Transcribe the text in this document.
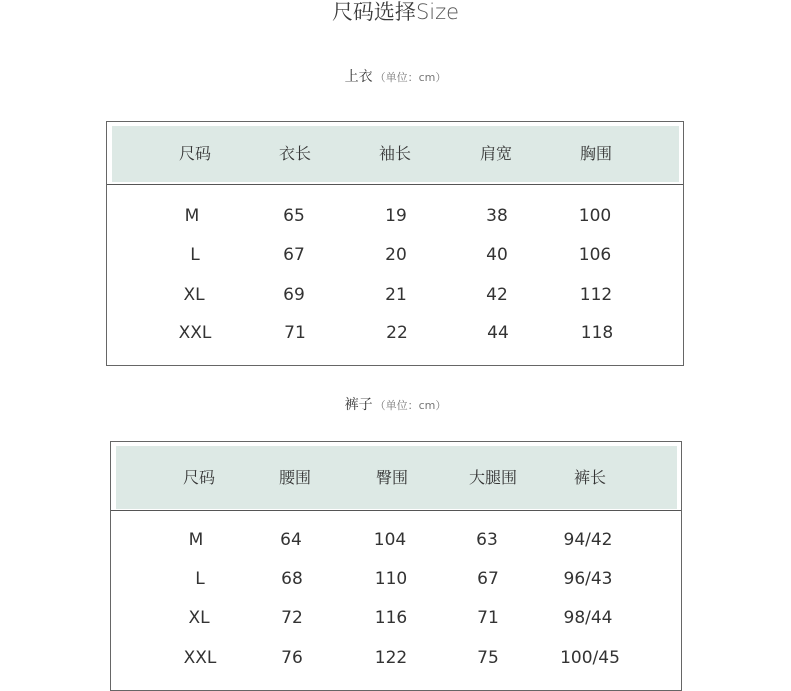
尺码选择Size
上衣 （单位：cm）
尺码	衣长	袖长	肩宽	胸围
M	65	19	38	100
L	67	20	40	106
XL	69	21	42	112
XXL	71	22	44	118
裤子 （单位：cm）
尺码	腰围	臀围	大腿围	裤长
M	64	104	63	94/42
L	68	110	67	96/43
XL	72	116	71	98/44
XXL	76	122	75	100/45
